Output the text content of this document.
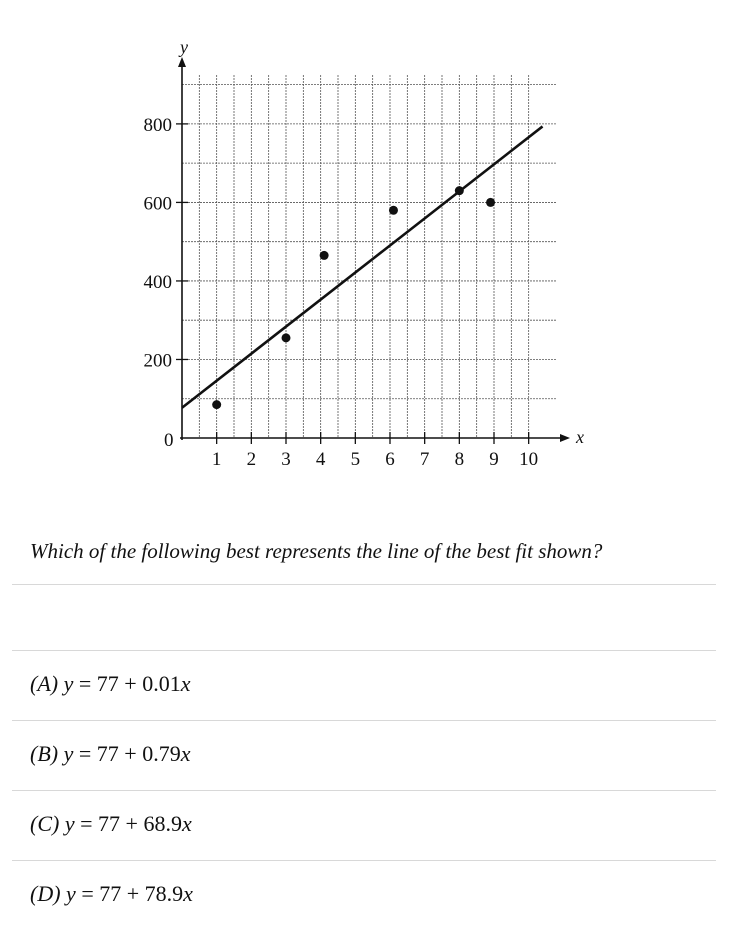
y
x
0
200
400
600
800
1 2 3 4 5 6 7 8 9 10
Which of the following best represents the line of the best fit shown?
(A) y = 77 + 0.01x
(B) y = 77 + 0.79x
(C) y = 77 + 68.9x
(D) y = 77 + 78.9x
